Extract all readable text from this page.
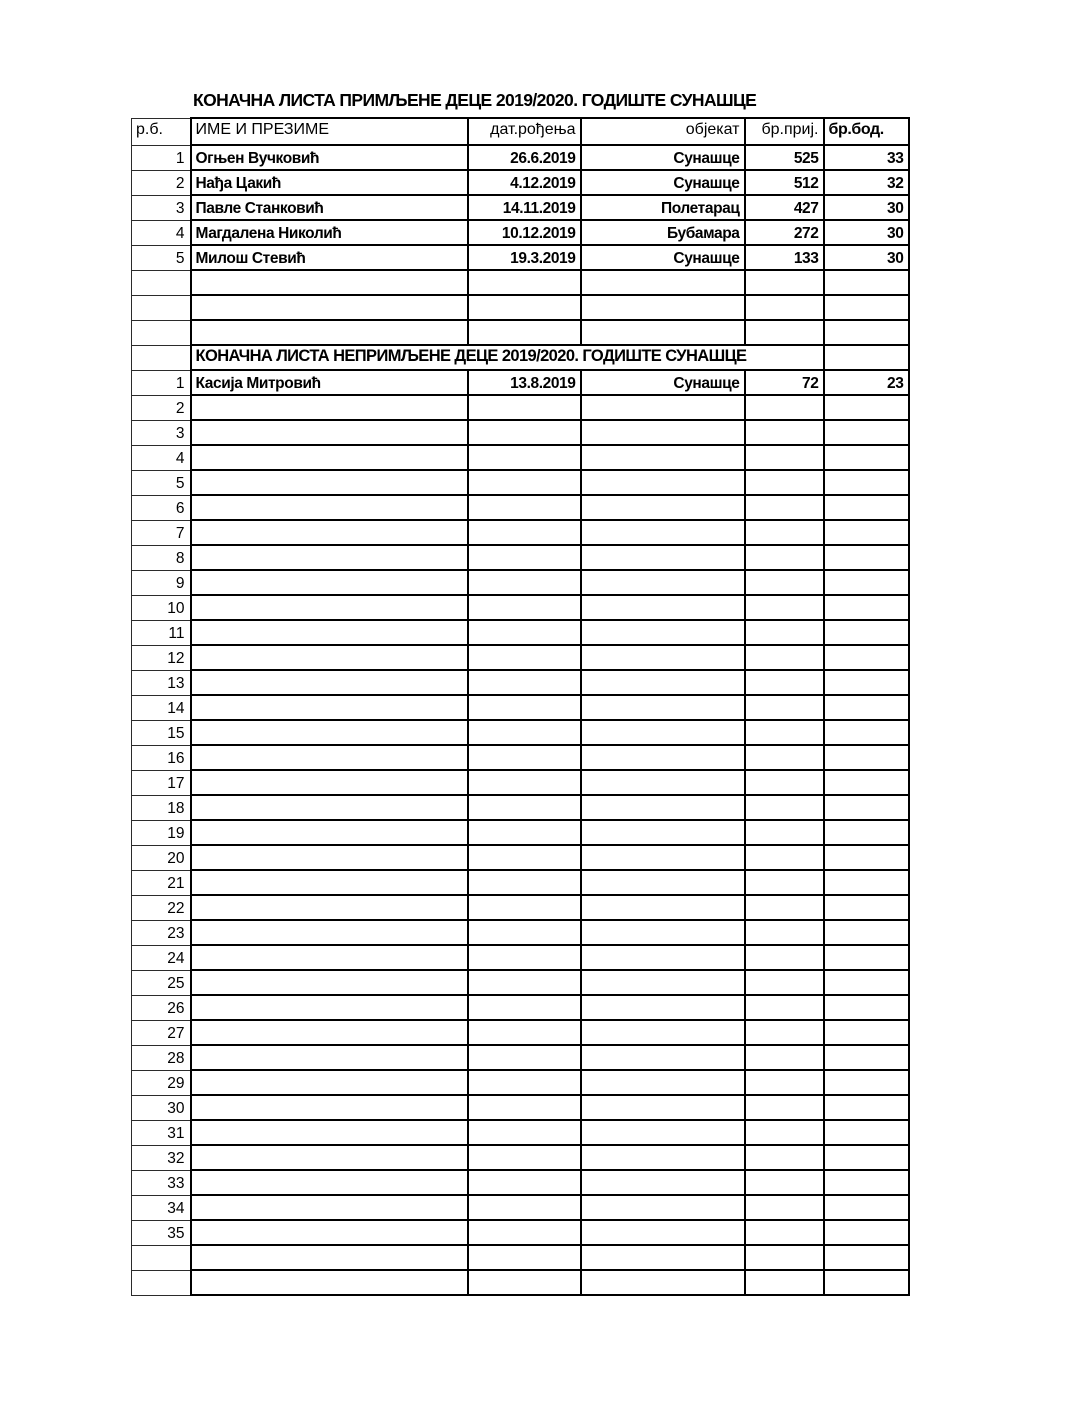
КОНАЧНА ЛИСТА ПРИМЉЕНЕ ДЕЦЕ 2019/2020. ГОДИШТЕ СУНАШЦЕ
р.б.	ИМЕ И ПРЕЗИМЕ	дат.рођења	објекат	бр.приј.	бр.бод.
1	Огњен Вучковић	26.6.2019	Сунашце	525	33
2	Нађа Цакић	4.12.2019	Сунашце	512	32
3	Павле Станковић	14.11.2019	Полетарац	427	30
4	Магдалена Николић	10.12.2019	Бубамара	272	30
5	Милош Стевић	19.3.2019	Сунашце	133	30

	КОНАЧНА ЛИСТА НЕПРИМЉЕНЕ ДЕЦЕ 2019/2020. ГОДИШТЕ СУНАШЦЕ				
1	Касија Митровић	13.8.2019	Сунашце	72	23
2					
3					
4					
5					
6					
7					
8					
9					
10					
11					
12					
13					
14					
15					
16					
17					
18					
19					
20					
21					
22					
23					
24					
25					
26					
27					
28					
29					
30					
31					
32					
33					
34					
35					
